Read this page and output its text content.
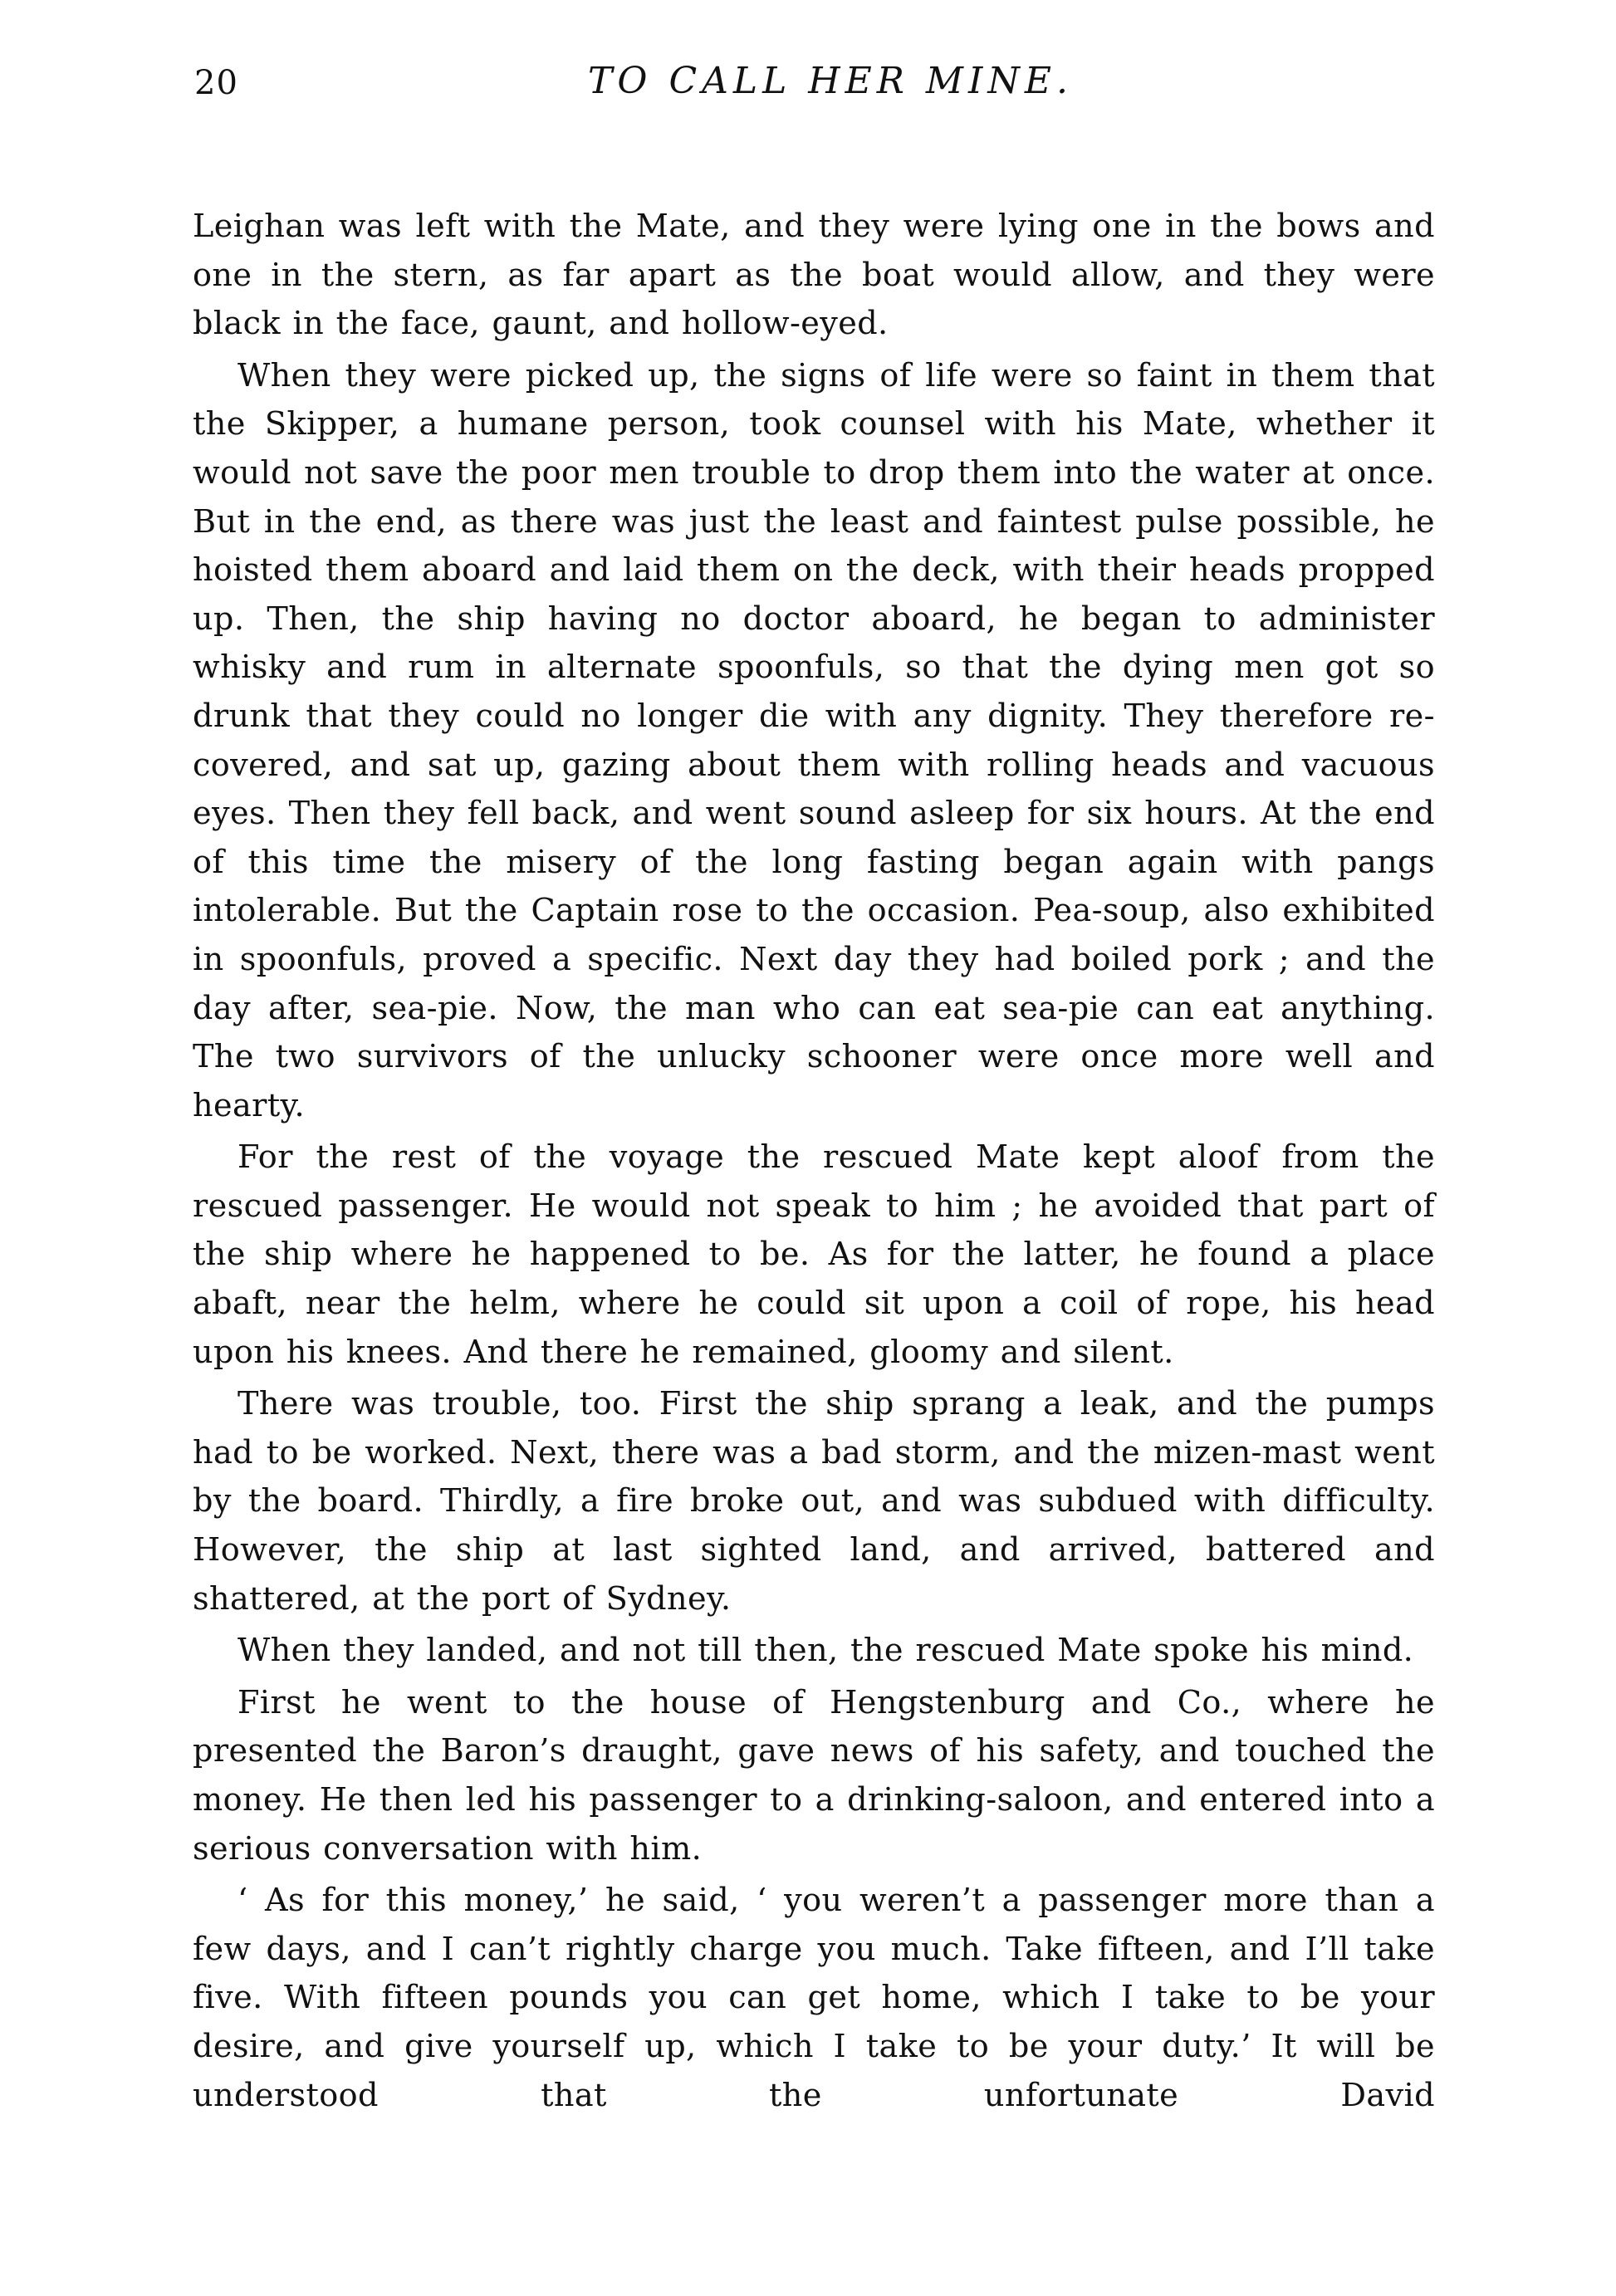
20	TO CALL HER MINE.

Leighan was left with the Mate, and they were lying one in the bows and one in the stern, as far apart as the boat would allow, and they were black in the face, gaunt, and hollow-eyed.

When they were picked up, the signs of life were so faint in them that the Skipper, a humane person, took counsel with his Mate, whether it would not save the poor men trouble to drop them into the water at once. But in the end, as there was just the least and faintest pulse possible, he hoisted them aboard and laid them on the deck, with their heads propped up. Then, the ship having no doctor aboard, he began to administer whisky and rum in alternate spoonfuls, so that the dying men got so drunk that they could no longer die with any dignity. They therefore re-covered, and sat up, gazing about them with rolling heads and vacuous eyes. Then they fell back, and went sound asleep for six hours. At the end of this time the misery of the long fasting began again with pangs intolerable. But the Captain rose to the occasion. Pea-soup, also exhibited in spoonfuls, proved a specific. Next day they had boiled pork ; and the day after, sea-pie. Now, the man who can eat sea-pie can eat anything. The two survivors of the unlucky schooner were once more well and hearty.

For the rest of the voyage the rescued Mate kept aloof from the rescued passenger. He would not speak to him ; he avoided that part of the ship where he happened to be. As for the latter, he found a place abaft, near the helm, where he could sit upon a coil of rope, his head upon his knees. And there he remained, gloomy and silent.

There was trouble, too. First the ship sprang a leak, and the pumps had to be worked. Next, there was a bad storm, and the mizen-mast went by the board. Thirdly, a fire broke out, and was subdued with difficulty. However, the ship at last sighted land, and arrived, battered and shattered, at the port of Sydney.

When they landed, and not till then, the rescued Mate spoke his mind.

First he went to the house of Hengstenburg and Co., where he presented the Baron’s draught, gave news of his safety, and touched the money. He then led his passenger to a drinking-saloon, and entered into a serious conversation with him.

‘ As for this money,’ he said, ‘ you weren’t a passenger more than a few days, and I can’t rightly charge you much. Take fifteen, and I’ll take five. With fifteen pounds you can get home, which I take to be your desire, and give yourself up, which I take to be your duty.’ It will be understood that the unfortunate David
